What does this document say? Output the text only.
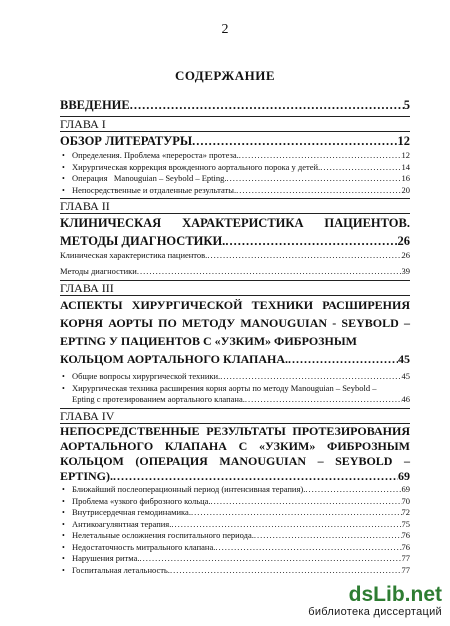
2
СОДЕРЖАНИЕ
ВВЕДЕНИЕ .....	5
ГЛАВА I
ОБЗОР ЛИТЕРАТУРЫ .....	12
• Определения. Проблема «перероста» протеза. .....	12
• Хирургическая коррекция врожденного аортального порока у детей. .....	14
• Операция   Manouguian – Seybold – Epting. .....	16
• Непосредственные и отдаленные результаты. .....	20
ГЛАВА II
КЛИНИЧЕСКАЯ   ХАРАКТЕРИСТИКА   ПАЦИЕНТОВ.
МЕТОДЫ ДИАГНОСТИКИ. .....	26
Клиническая характеристика пациентов. .....	26
Методы диагностики .....	39
ГЛАВА III
АСПЕКТЫ ХИРУРГИЧЕСКОЙ ТЕХНИКИ РАСШИРЕНИЯ
КОРНЯ АОРТЫ ПО МЕТОДУ MANOUGUIAN - SEYBOLD –
EPTING У ПАЦИЕНТОВ С «УЗКИМ» ФИБРОЗНЫМ
КОЛЬЦОМ АОРТАЛЬНОГО КЛАПАНА. .....	45
• Общие вопросы хирургической техники. .....	45
• Хирургическая техника расширения корня аорты по методу Manouguian – Seybold –
Epting с протезированием аортального клапана. .....	46
ГЛАВА IV
НЕПОСРЕДСТВЕННЫЕ РЕЗУЛЬТАТЫ ПРОТЕЗИРОВАНИЯ
АОРТАЛЬНОГО   КЛАПАНА   С   «УЗКИМ»   ФИБРОЗНЫМ
КОЛЬЦОМ   (ОПЕРАЦИЯ   MANOUGUIAN   –   SEYBOLD   –
EPTING). .....	69
• Ближайший послеоперационный период (интенсивная терапия). .....	69
• Проблема «узкого фиброзного кольца. .....	70
• Внутрисердечная гемодинамика. .....	72
• Антикоагулянтная терапия. .....	75
• Нелетальные осложнения госпитального периода. .....	76
• Недостаточность митрального клапана. .....	76
• Нарушения ритма. .....	77
• Госпитальная летальность. .....	77
dsLib.net
библиотека диссертаций
